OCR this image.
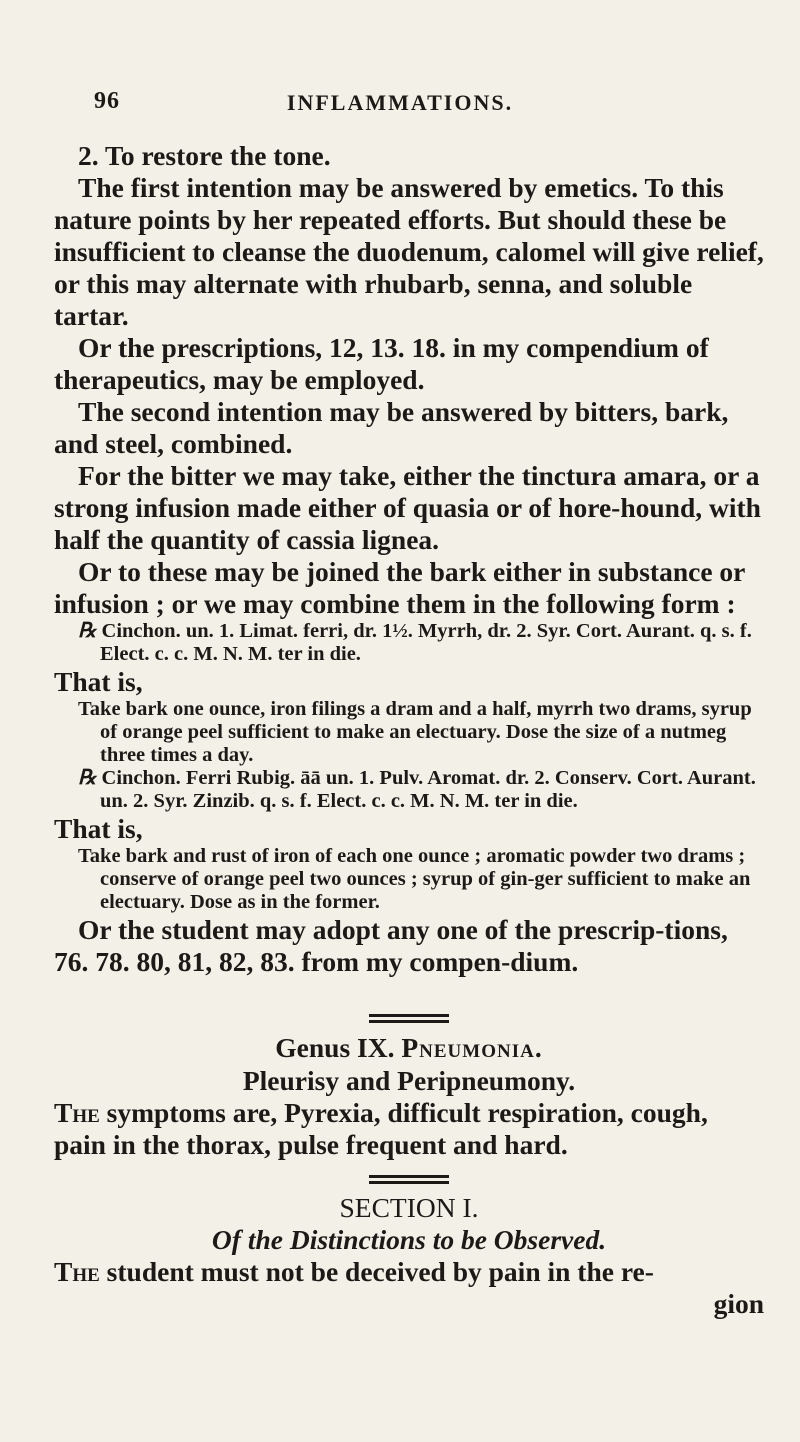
96	INFLAMMATIONS.

2. To restore the tone.

The first intention may be answered by emetics. To this nature points by her repeated efforts. But should these be insufficient to cleanse the duodenum, calomel will give relief, or this may alternate with rhubarb, senna, and soluble tartar.

Or the prescriptions, 12, 13. 18. in my compendium of therapeutics, may be employed.

The second intention may be answered by bitters, bark, and steel, combined.

For the bitter we may take, either the tinctura amara, or a strong infusion made either of quasia or of hore-hound, with half the quantity of cassia lignea.

Or to these may be joined the bark either in substance or infusion ; or we may combine them in the following form :

℞ Cinchon. un. 1. Limat. ferri, dr. 1½. Myrrh, dr. 2. Syr. Cort. Aurant. q. s. f. Elect. c. c. M. N. M. ter in die.

That is,

Take bark one ounce, iron filings a dram and a half, myrrh two drams, syrup of orange peel sufficient to make an electuary. Dose the size of a nutmeg three times a day.

℞ Cinchon. Ferri Rubig. āā un. 1. Pulv. Aromat. dr. 2. Conserv. Cort. Aurant. un. 2. Syr. Zinzib. q. s. f. Elect. c. c. M. N. M. ter in die.

That is,

Take bark and rust of iron of each one ounce ; aromatic powder two drams ; conserve of orange peel two ounces ; syrup of gin-ger sufficient to make an electuary. Dose as in the former.

Or the student may adopt any one of the prescrip-tions, 76. 78. 80, 81, 82, 83. from my compen-dium.

Genus IX. Pneumonia.

Pleurisy and Peripneumony.

The symptoms are, Pyrexia, difficult respiration, cough, pain in the thorax, pulse frequent and hard.

SECTION I.

Of the Distinctions to be Observed.

The student must not be deceived by pain in the re-

gion
